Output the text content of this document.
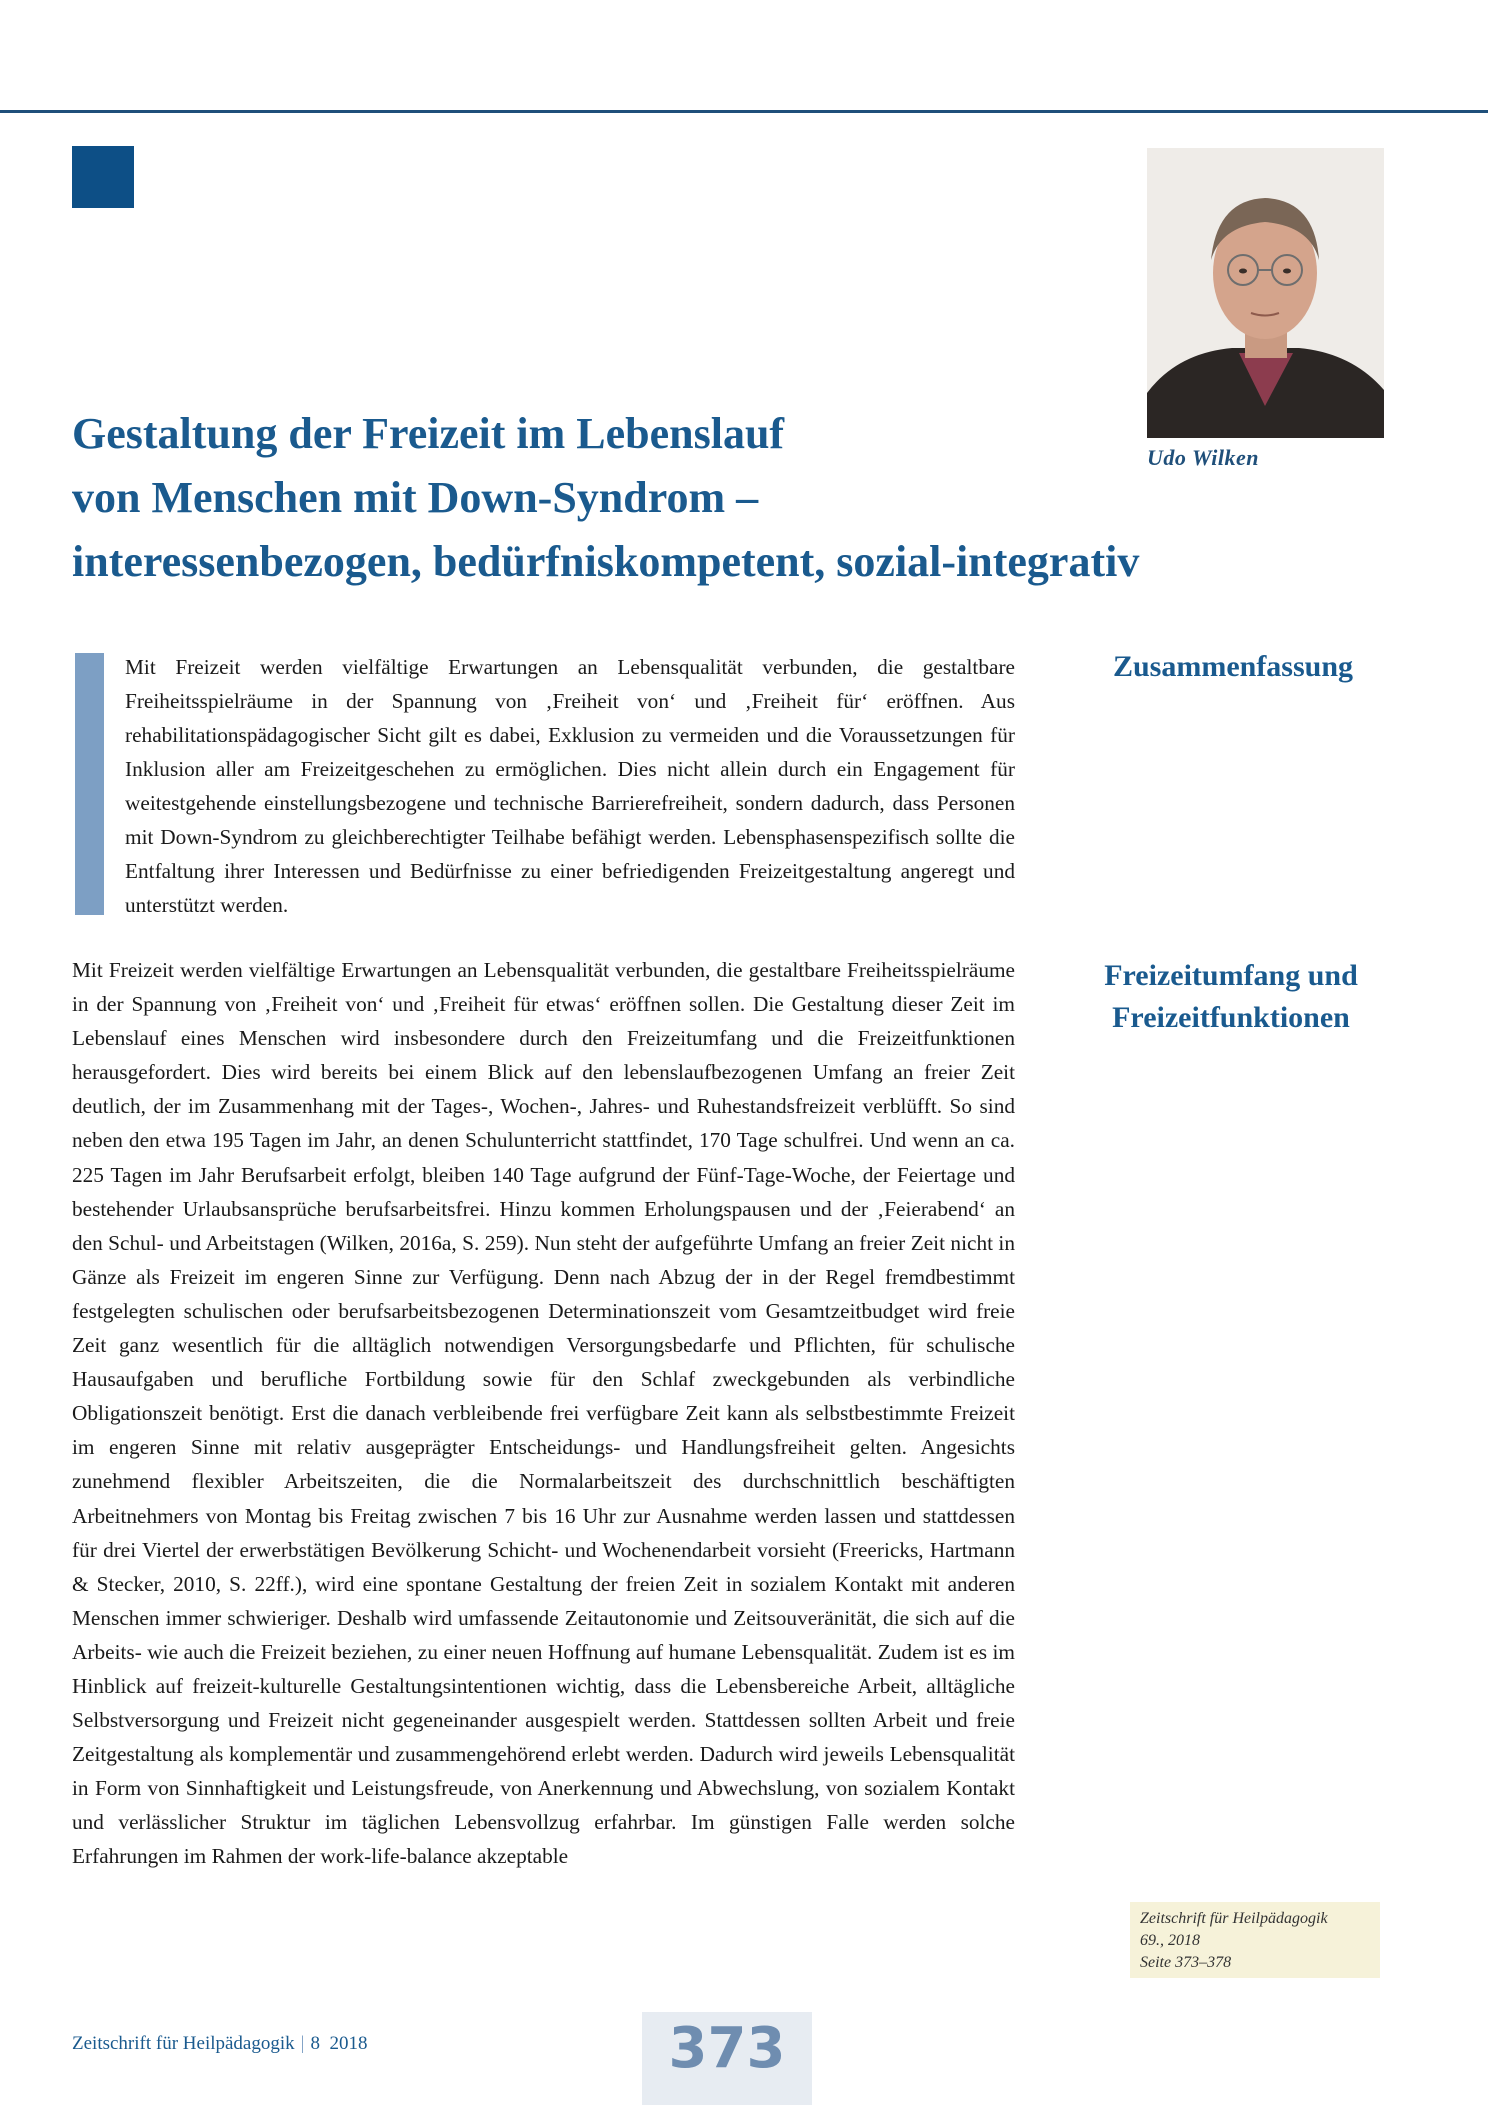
Udo Wilken
Gestaltung der Freizeit im Lebenslauf
von Menschen mit Down-Syndrom –
interessenbezogen, bedürfniskompetent, sozial-integrativ

Mit Freizeit werden vielfältige Erwartungen an Lebensqualität verbunden, die gestaltbare Freiheitsspielräume in der Spannung von ‚Freiheit von‘ und ‚Freiheit für‘ eröffnen. Aus rehabilitationspädagogischer Sicht gilt es dabei, Exklusion zu vermeiden und die Voraussetzungen für Inklusion aller am Freizeitgeschehen zu ermöglichen. Dies nicht allein durch ein Engagement für weitestgehende einstellungsbezogene und technische Barrierefreiheit, sondern dadurch, dass Personen mit Down-Syndrom zu gleichberechtigter Teilhabe befähigt werden. Lebensphasenspezifisch sollte die Entfaltung ihrer Interessen und Bedürfnisse zu einer befriedigenden Freizeitgestaltung angeregt und unterstützt werden.

Zusammenfassung
Freizeitumfang und
Freizeitfunktionen

Mit Freizeit werden vielfältige Erwartungen an Lebensqualität verbunden, die gestaltbare Freiheitsspielräume in der Spannung von ‚Freiheit von‘ und ‚Freiheit für etwas‘ eröffnen sollen. Die Gestaltung dieser Zeit im Lebenslauf eines Menschen wird insbesondere durch den Freizeitumfang und die Freizeitfunktionen herausgefordert. Dies wird bereits bei einem Blick auf den lebenslaufbezogenen Umfang an freier Zeit deutlich, der im Zusammenhang mit der Tages-, Wochen-, Jahres- und Ruhestandsfreizeit verblüfft. So sind neben den etwa 195 Tagen im Jahr, an denen Schulunterricht stattfindet, 170 Tage schulfrei. Und wenn an ca. 225 Tagen im Jahr Berufsarbeit erfolgt, bleiben 140 Tage aufgrund der Fünf-Tage-Woche, der Feiertage und bestehender Urlaubsansprüche berufsarbeitsfrei. Hinzu kommen Erholungspausen und der ‚Feierabend‘ an den Schul- und Arbeitstagen (Wilken, 2016a, S. 259). Nun steht der aufgeführte Umfang an freier Zeit nicht in Gänze als Freizeit im engeren Sinne zur Verfügung. Denn nach Abzug der in der Regel fremdbestimmt festgelegten schulischen oder berufsarbeitsbezogenen Determinationszeit vom Gesamtzeitbudget wird freie Zeit ganz wesentlich für die alltäglich notwendigen Versorgungsbedarfe und Pflichten, für schulische Hausaufgaben und berufliche Fortbildung sowie für den Schlaf zweckgebunden als verbindliche Obligationszeit benötigt. Erst die danach verbleibende frei verfügbare Zeit kann als selbstbestimmte Freizeit im engeren Sinne mit relativ ausgeprägter Entscheidungs- und Handlungsfreiheit gelten. Angesichts zunehmend flexibler Arbeitszeiten, die die Normalarbeitszeit des durchschnittlich beschäftigten Arbeitnehmers von Montag bis Freitag zwischen 7 bis 16 Uhr zur Ausnahme werden lassen und stattdessen für drei Viertel der erwerbstätigen Bevölkerung Schicht- und Wochenendarbeit vorsieht (Freericks, Hartmann & Stecker, 2010, S. 22ff.), wird eine spontane Gestaltung der freien Zeit in sozialem Kontakt mit anderen Menschen immer schwieriger. Deshalb wird umfassende Zeitautonomie und Zeitsouveränität, die sich auf die Arbeits- wie auch die Freizeit beziehen, zu einer neuen Hoffnung auf humane Lebensqualität. Zudem ist es im Hinblick auf freizeit-kulturelle Gestaltungsintentionen wichtig, dass die Lebensbereiche Arbeit, alltägliche Selbstversorgung und Freizeit nicht gegeneinander ausgespielt werden. Stattdessen sollten Arbeit und freie Zeitgestaltung als komplementär und zusammengehörend erlebt werden. Dadurch wird jeweils Lebensqualität in Form von Sinnhaftigkeit und Leistungsfreude, von Anerkennung und Abwechslung, von sozialem Kontakt und verlässlicher Struktur im täglichen Lebensvollzug erfahrbar. Im günstigen Falle werden solche Erfahrungen im Rahmen der work-life-balance akzeptable

Zeitschrift für Heilpädagogik
69., 2018
Seite 373–378
Zeitschrift für Heilpädagogik | 8  2018	373
